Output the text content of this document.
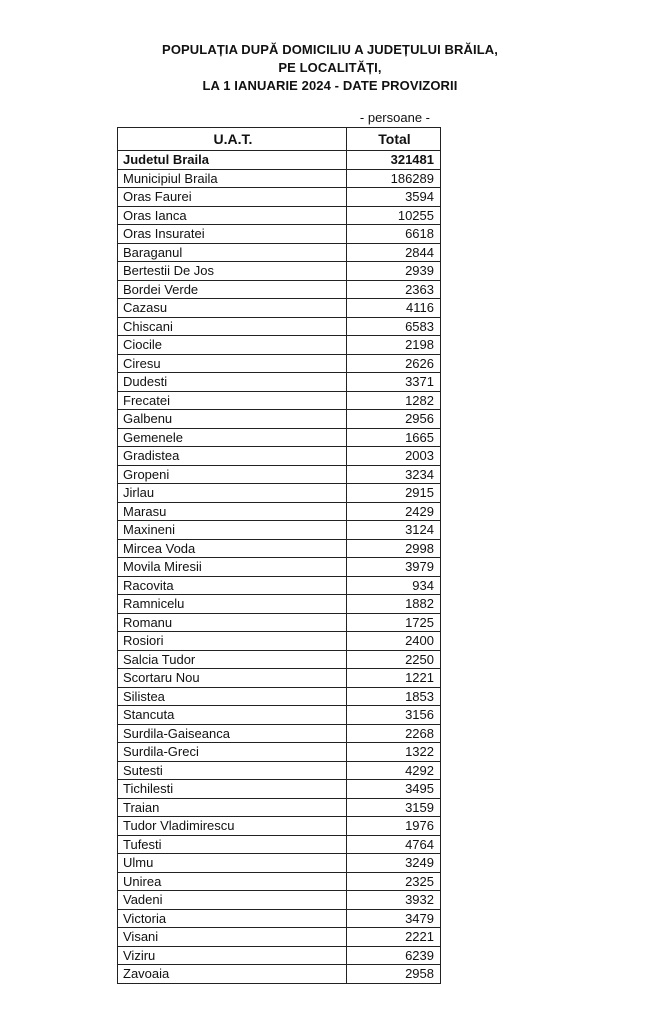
POPULAȚIA DUPĂ DOMICILIU A JUDEȚULUI BRĂILA,
PE LOCALITĂȚI,
LA 1 IANUARIE 2024 - DATE PROVIZORII
- persoane -
U.A.T.	Total
Judetul Braila	321481
Municipiul Braila	186289
Oras Faurei	3594
Oras Ianca	10255
Oras Insuratei	6618
Baraganul	2844
Bertestii De Jos	2939
Bordei Verde	2363
Cazasu	4116
Chiscani	6583
Ciocile	2198
Ciresu	2626
Dudesti	3371
Frecatei	1282
Galbenu	2956
Gemenele	1665
Gradistea	2003
Gropeni	3234
Jirlau	2915
Marasu	2429
Maxineni	3124
Mircea Voda	2998
Movila Miresii	3979
Racovita	934
Ramnicelu	1882
Romanu	1725
Rosiori	2400
Salcia Tudor	2250
Scortaru Nou	1221
Silistea	1853
Stancuta	3156
Surdila-Gaiseanca	2268
Surdila-Greci	1322
Sutesti	4292
Tichilesti	3495
Traian	3159
Tudor Vladimirescu	1976
Tufesti	4764
Ulmu	3249
Unirea	2325
Vadeni	3932
Victoria	3479
Visani	2221
Viziru	6239
Zavoaia	2958
